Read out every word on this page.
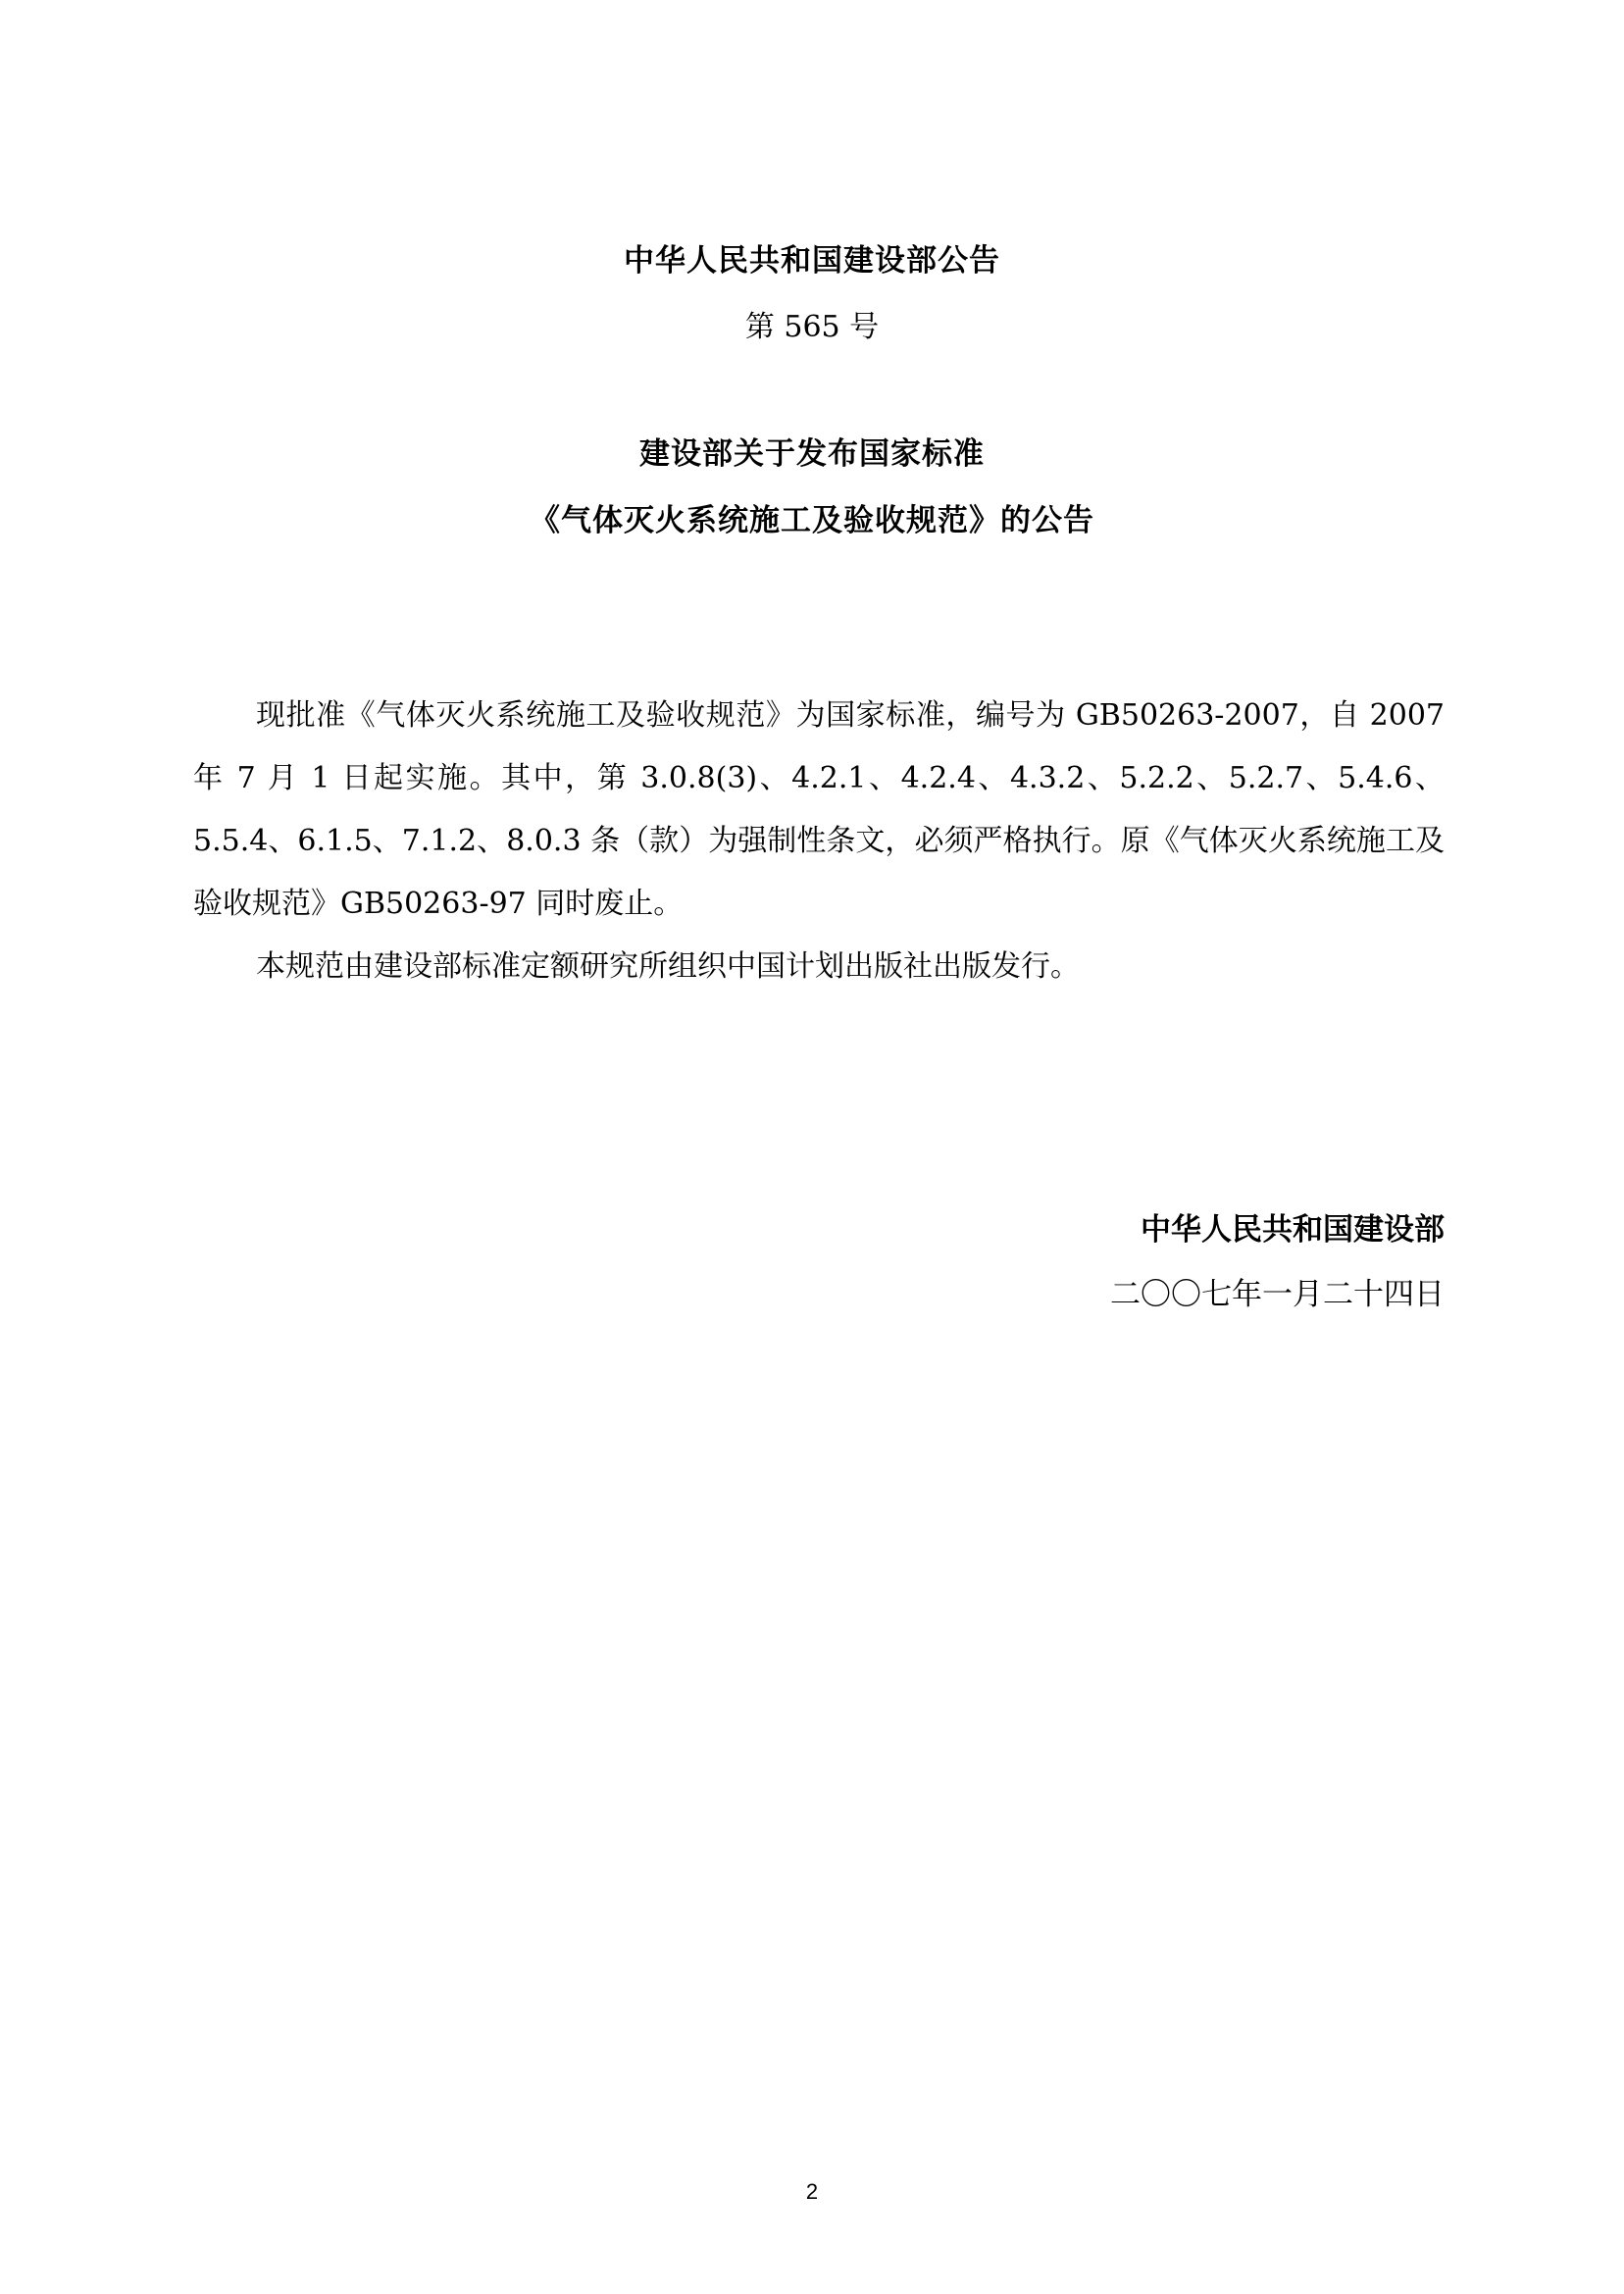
中华人民共和国建设部公告
第 565 号
建设部关于发布国家标准
《气体灭火系统施工及验收规范》的公告

现批准《气体灭火系统施工及验收规范》为国家标准，编号为 GB50263-2007，自 2007 年 7 月 1 日起实施。其中，第 3.0.8(3)、4.2.1、4.2.4、4.3.2、5.2.2、5.2.7、5.4.6、5.5.4、6.1.5、7.1.2、8.0.3 条（款）为强制性条文，必须严格执行。原《气体灭火系统施工及验收规范》GB50263-97 同时废止。

本规范由建设部标准定额研究所组织中国计划出版社出版发行。

中华人民共和国建设部
二〇〇七年一月二十四日
2
